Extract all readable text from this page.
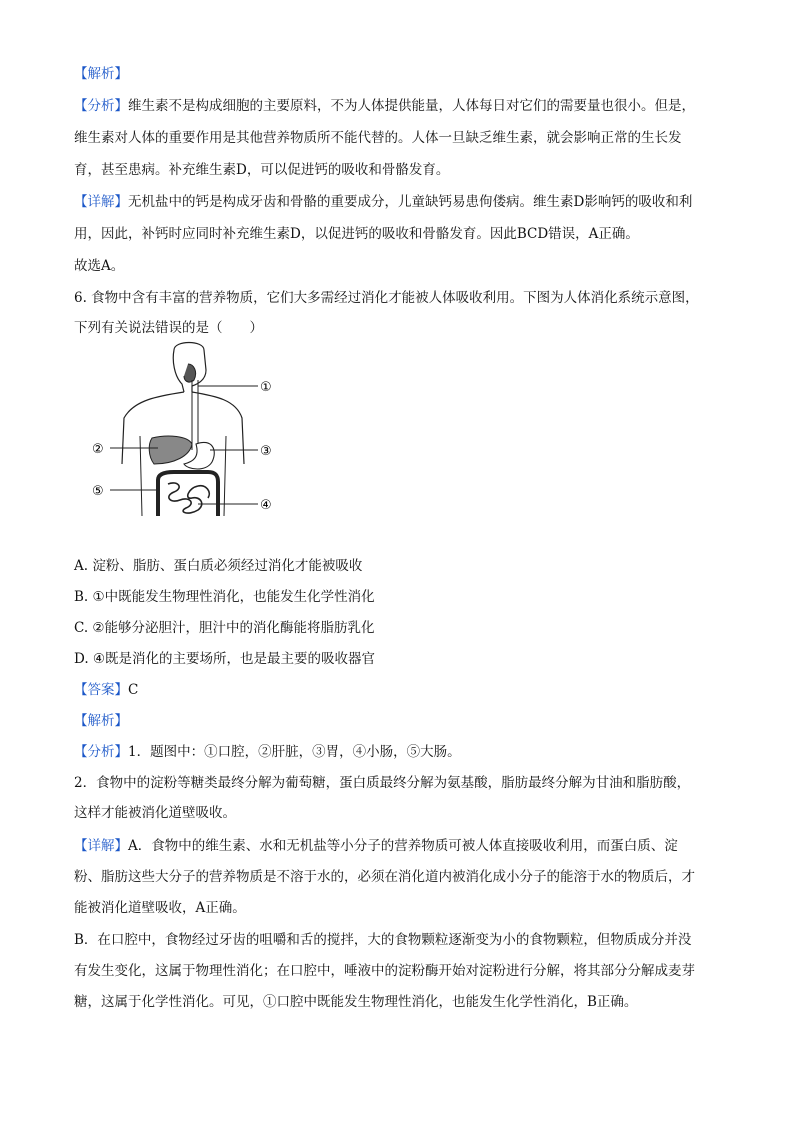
【解析】
【分析】维生素不是构成细胞的主要原料，不为人体提供能量，人体每日对它们的需要量也很小。但是，
维生素对人体的重要作用是其他营养物质所不能代替的。人体一旦缺乏维生素，就会影响正常的生长发
育，甚至患病。补充维生素D，可以促进钙的吸收和骨骼发育。
【详解】无机盐中的钙是构成牙齿和骨骼的重要成分，儿童缺钙易患佝偻病。维生素D影响钙的吸收和利
用，因此，补钙时应同时补充维生素D，以促进钙的吸收和骨骼发育。因此BCD错误，A正确。
故选A。
6. 食物中含有丰富的营养物质，它们大多需经过消化才能被人体吸收利用。下图为人体消化系统示意图，
下列有关说法错误的是（　　）
①
②	③
④
⑤
A. 淀粉、脂肪、蛋白质必须经过消化才能被吸收
B. ①中既能发生物理性消化，也能发生化学性消化
C. ②能够分泌胆汁，胆汁中的消化酶能将脂肪乳化
D. ④既是消化的主要场所，也是最主要的吸收器官
【答案】C
【解析】
【分析】1．题图中：①口腔，②肝脏，③胃，④小肠，⑤大肠。
2．食物中的淀粉等糖类最终分解为葡萄糖，蛋白质最终分解为氨基酸，脂肪最终分解为甘油和脂肪酸，
这样才能被消化道壁吸收。
【详解】A．食物中的维生素、水和无机盐等小分子的营养物质可被人体直接吸收利用，而蛋白质、淀
粉、脂肪这些大分子的营养物质是不溶于水的，必须在消化道内被消化成小分子的能溶于水的物质后，才
能被消化道壁吸收，A正确。
B．在口腔中，食物经过牙齿的咀嚼和舌的搅拌，大的食物颗粒逐渐变为小的食物颗粒，但物质成分并没
有发生变化，这属于物理性消化；在口腔中，唾液中的淀粉酶开始对淀粉进行分解，将其部分分解成麦芽
糖，这属于化学性消化。可见，①口腔中既能发生物理性消化，也能发生化学性消化，B正确。
